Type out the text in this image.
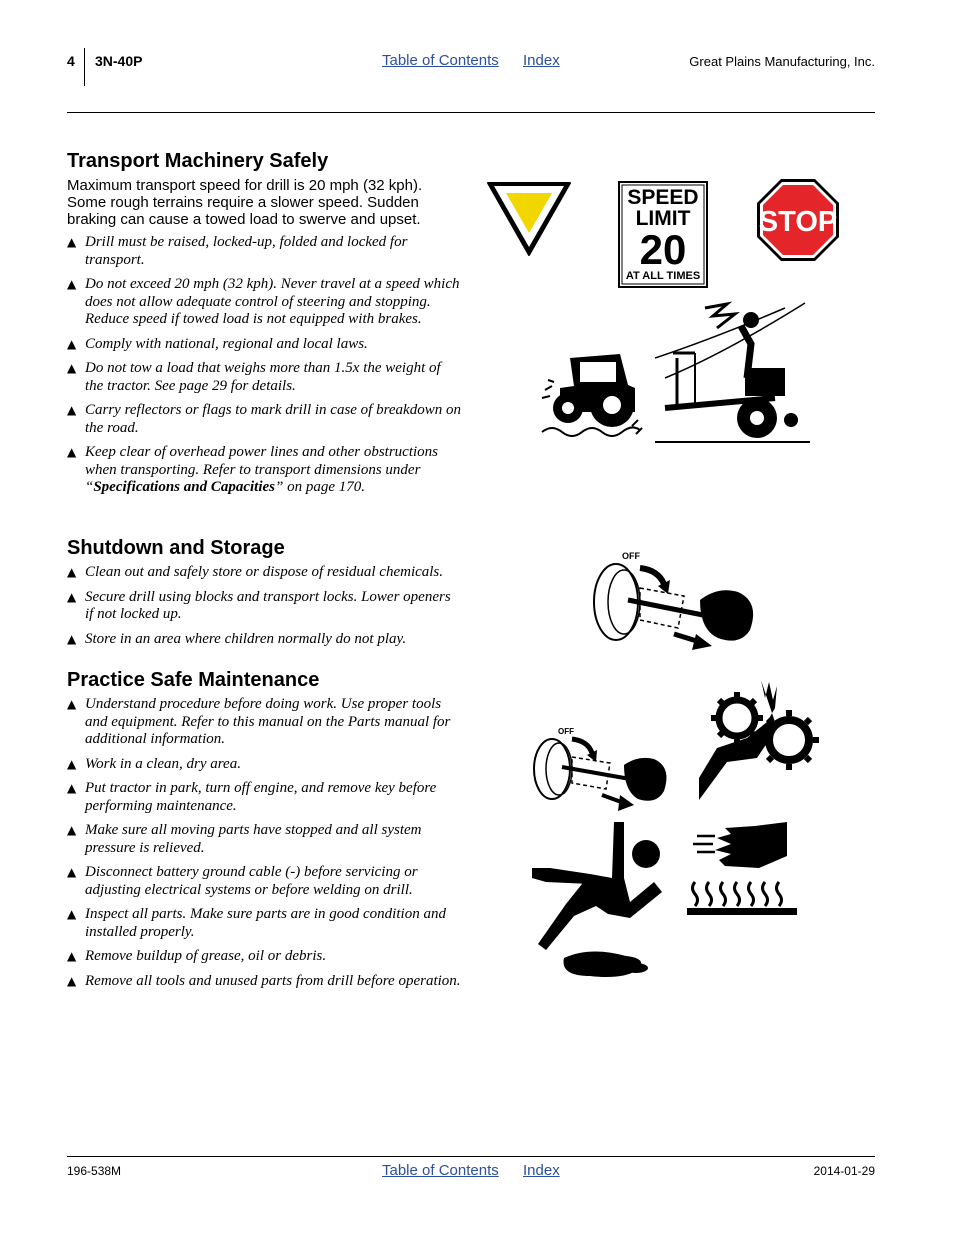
4 3N-40P	Table of Contents Index	Great Plains Manufacturing, Inc.
Transport Machinery Safely

Maximum transport speed for drill is 20 mph (32 kph). Some rough terrains require a slower speed. Sudden braking can cause a towed load to swerve and upset.

▲ Drill must be raised, locked-up, folded and locked for transport.
▲ Do not exceed 20 mph (32 kph). Never travel at a speed which does not allow adequate control of steering and stopping. Reduce speed if towed load is not equipped with brakes.
▲ Comply with national, regional and local laws.
▲ Do not tow a load that weighs more than 1.5x the weight of the tractor. See page 29 for details.
▲ Carry reflectors or flags to mark drill in case of breakdown on the road.
▲ Keep clear of overhead power lines and other obstructions when transporting. Refer to transport dimensions under “Specifications and Capacities” on page 170.
Shutdown and Storage
▲ Clean out and safely store or dispose of residual chemicals.
▲ Secure drill using blocks and transport locks. Lower openers if not locked up.
▲ Store in an area where children normally do not play.
Practice Safe Maintenance
▲ Understand procedure before doing work. Use proper tools and equipment. Refer to this manual on the Parts manual for additional information.
▲ Work in a clean, dry area.
▲ Put tractor in park, turn off engine, and remove key before performing maintenance.
▲ Make sure all moving parts have stopped and all system pressure is relieved.
▲ Disconnect battery ground cable (-) before servicing or adjusting electrical systems or before welding on drill.
▲ Inspect all parts. Make sure parts are in good condition and installed properly.
▲ Remove buildup of grease, oil or debris.
▲ Remove all tools and unused parts from drill before operation.
SPEED
LIMIT
20
AT ALL TIMES
STOP
OFF
OFF
196-538M	Table of Contents Index	2014-01-29
